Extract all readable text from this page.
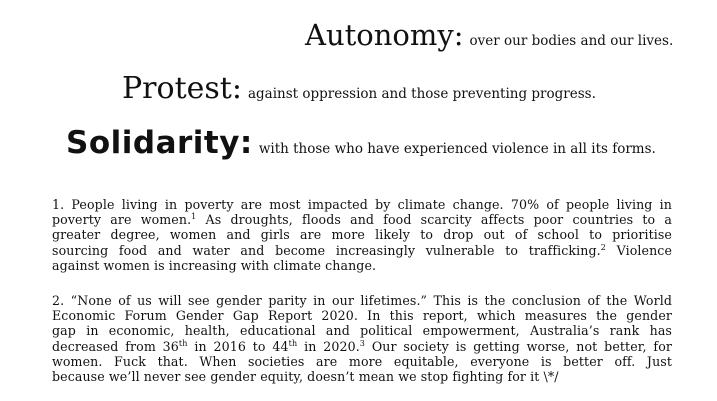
Autonomy: over our bodies and our lives.
Protest: against oppression and those preventing progress.
Solidarity: with those who have experienced violence in all its forms.
1. People living in poverty are most impacted by climate change. 70% of people living in
poverty are women.$^1$ As droughts, floods and food scarcity affects poor countries to a
greater degree, women and girls are more likely to drop out of school to prioritise
sourcing food and water and become increasingly vulnerable to trafficking.$^2$ Violence
against women is increasing with climate change.
2. “None of us will see gender parity in our lifetimes.” This is the conclusion of the World
Economic Forum Gender Gap Report 2020. In this report, which measures the gender
gap in economic, health, educational and political empowerment, Australia’s rank has
decreased from 36th in 2016 to 44th in 2020.$^3$ Our society is getting worse, not better, for
women. Fuck that. When societies are more equitable, everyone is better off. Just
because we’ll never see gender equity, doesn’t mean we stop fighting for it \*/
